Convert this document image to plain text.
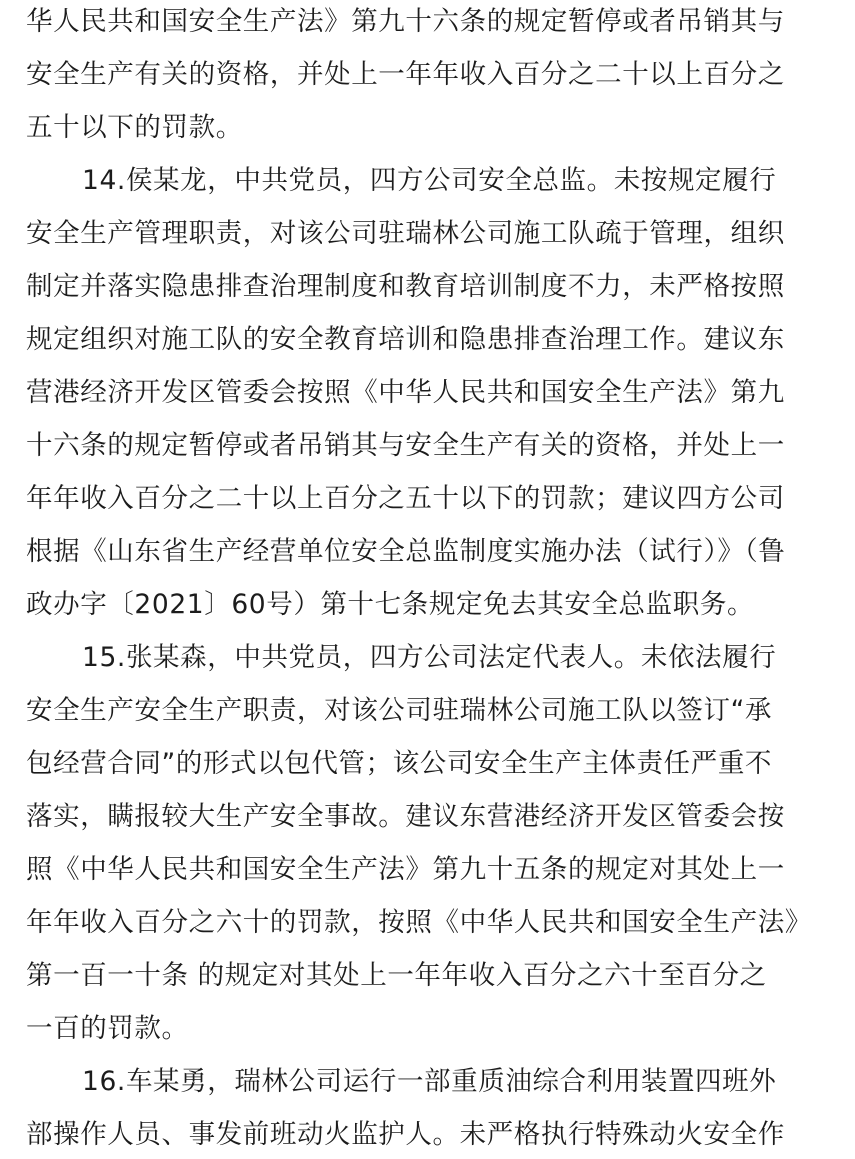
华人民共和国安全生产法》第九十六条的规定暂停或者吊销其与
安全生产有关的资格，并处上一年年收入百分之二十以上百分之
五十以下的罚款。
14.侯某龙，中共党员，四方公司安全总监。未按规定履行
安全生产管理职责，对该公司驻瑞林公司施工队疏于管理，组织
制定并落实隐患排查治理制度和教育培训制度不力，未严格按照
规定组织对施工队的安全教育培训和隐患排查治理工作。建议东
营港经济开发区管委会按照《中华人民共和国安全生产法》第九
十六条的规定暂停或者吊销其与安全生产有关的资格，并处上一
年年收入百分之二十以上百分之五十以下的罚款；建议四方公司
根据《山东省生产经营单位安全总监制度实施办法（试行）》（鲁
政办字〔2021〕60号）第十七条规定免去其安全总监职务。
15.张某森，中共党员，四方公司法定代表人。未依法履行
安全生产安全生产职责，对该公司驻瑞林公司施工队以签订“承
包经营合同”的形式以包代管；该公司安全生产主体责任严重不
落实，瞒报较大生产安全事故。建议东营港经济开发区管委会按
照《中华人民共和国安全生产法》第九十五条的规定对其处上一
年年收入百分之六十的罚款，按照《中华人民共和国安全生产法》
第一百一十条 的规定对其处上一年年收入百分之六十至百分之
一百的罚款。
16.车某勇，瑞林公司运行一部重质油综合利用装置四班外
部操作人员、事发前班动火监护人。未严格执行特殊动火安全作
